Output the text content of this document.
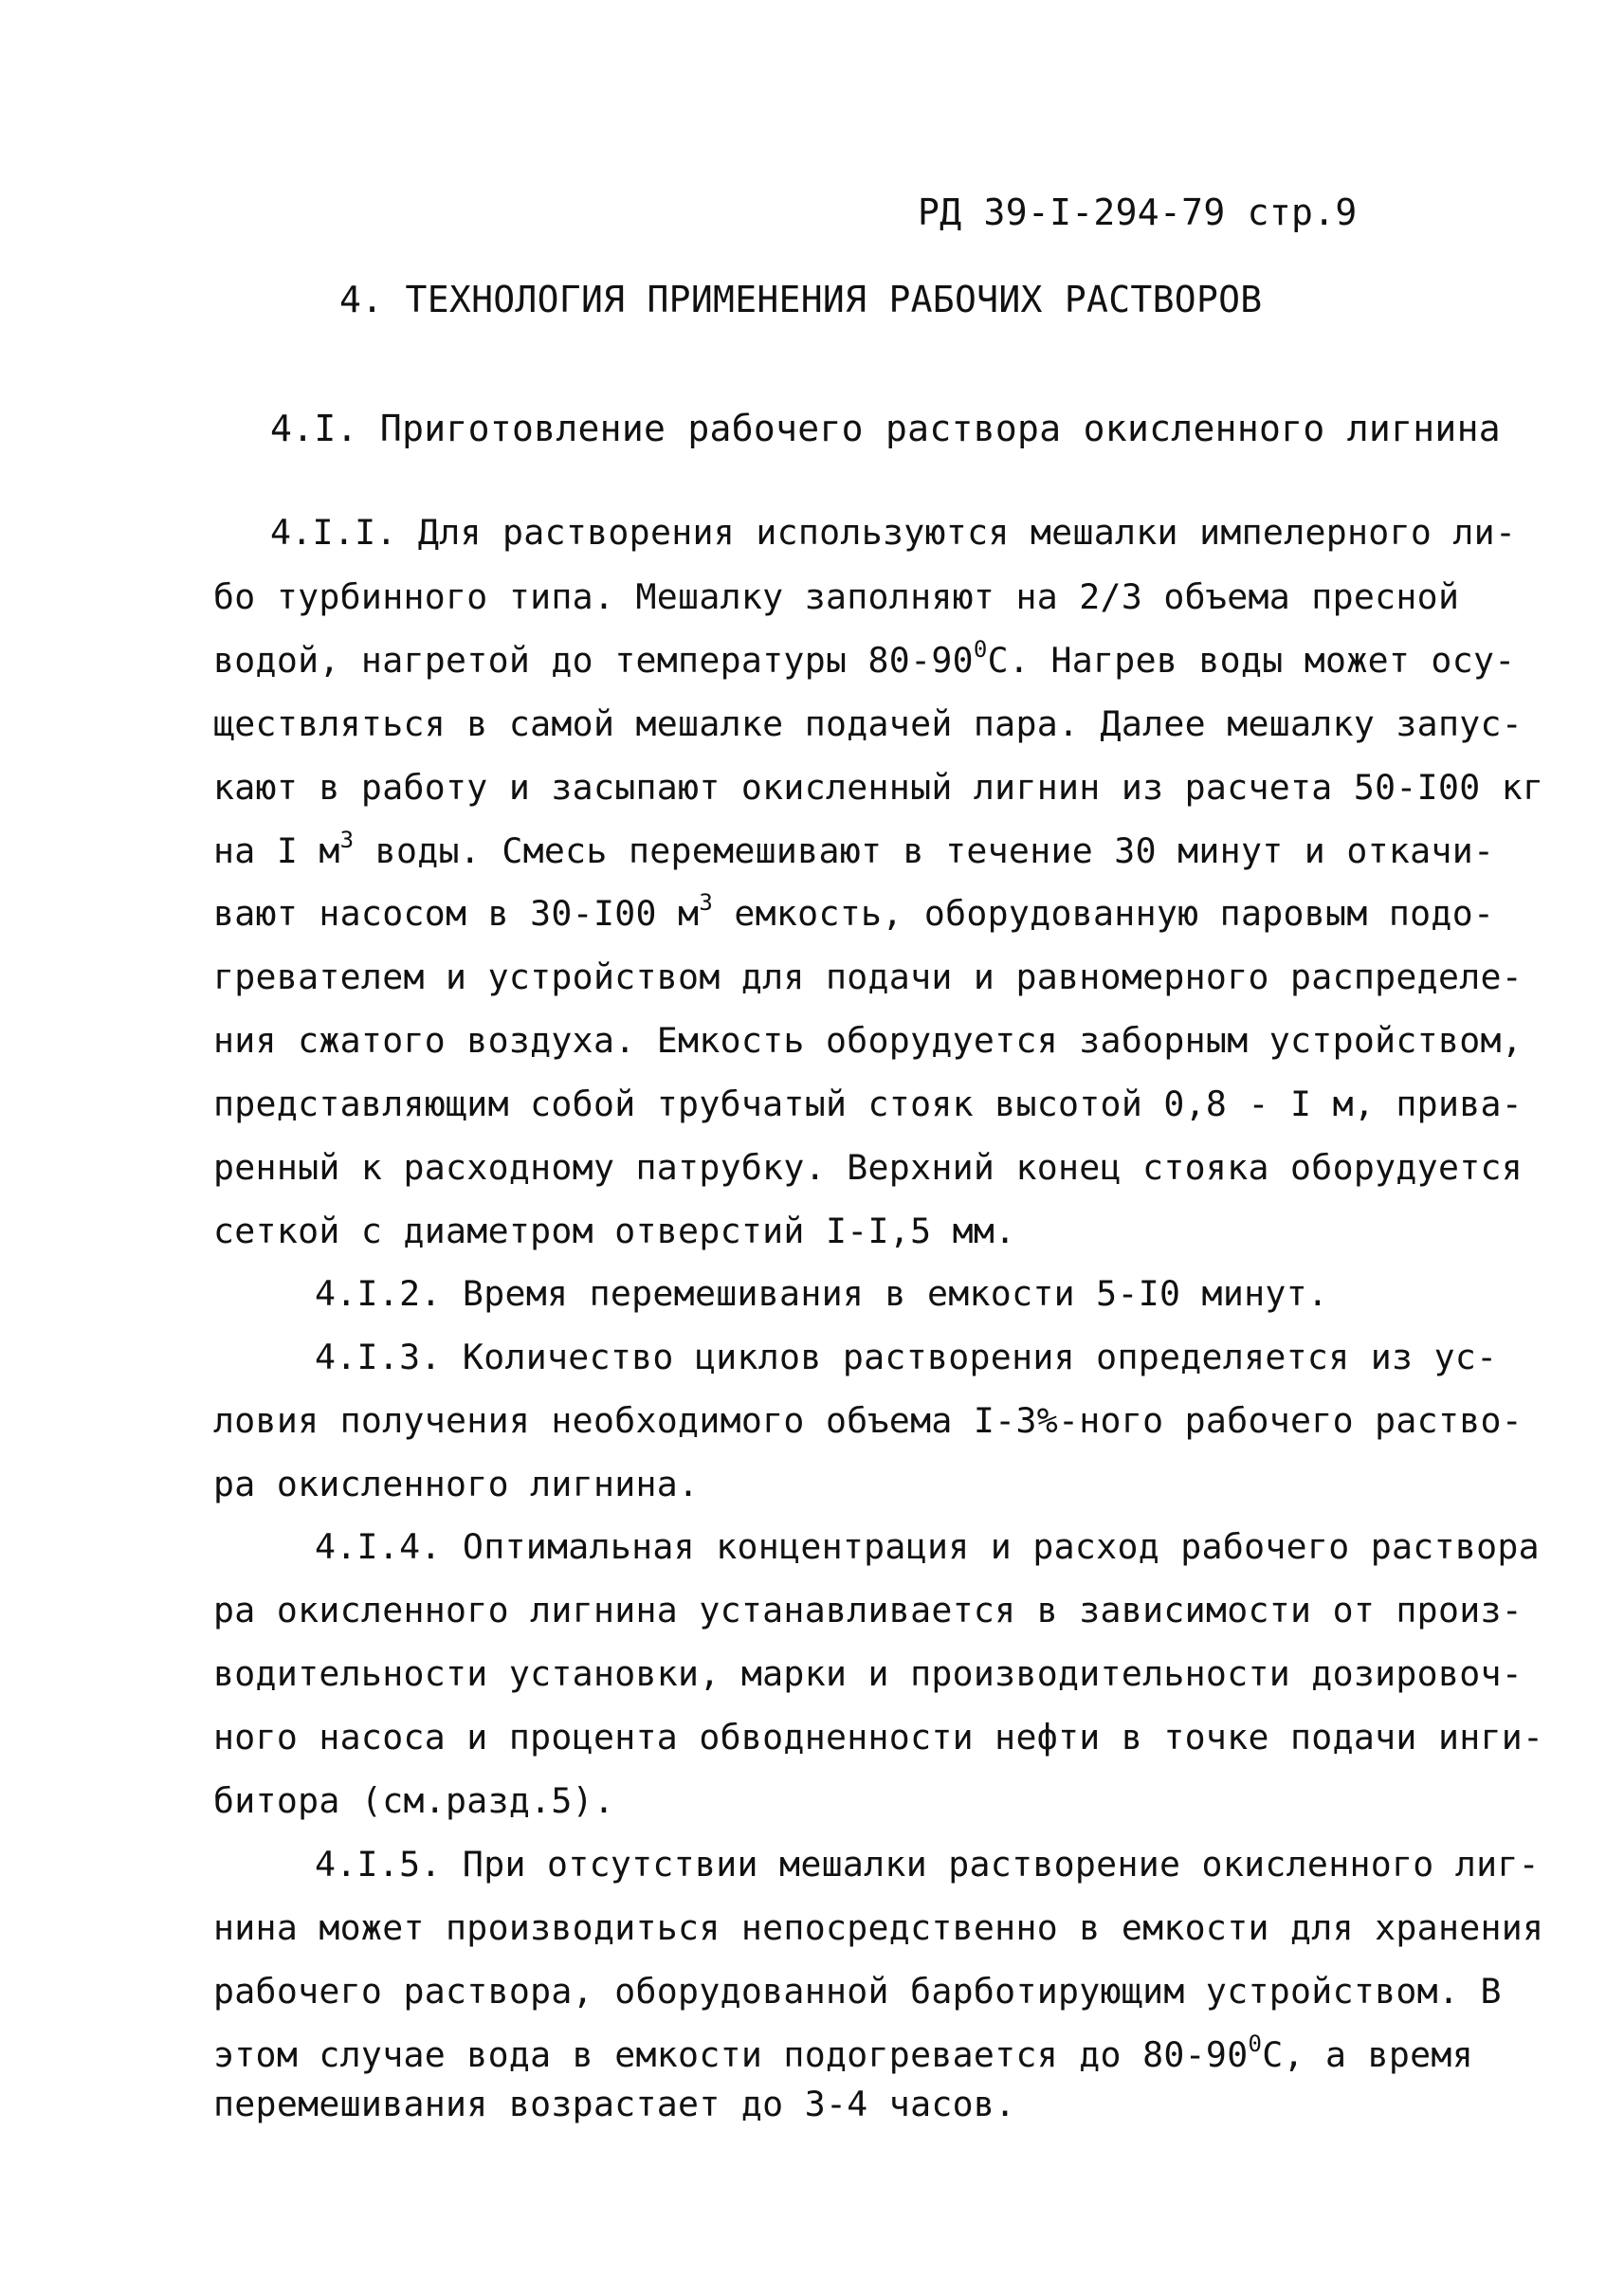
РД 39-I-294-79 стр.9
4. ТЕХНОЛОГИЯ ПРИМЕНЕНИЯ РАБОЧИХ РАСТВОРОВ
4.I. Приготовление рабочего раствора окисленного лигнина
4.I.I. Для растворения используются мешалки импелерного ли-
бо турбинного типа. Мешалку заполняют на 2/3 объема пресной
водой, нагретой до температуры $80-90^0С$. Нагрев воды может осу-
ществляться в самой мешалке подачей пара. Далее мешалку запус-
кают в работу и засыпают окисленный лигнин из расчета 50-I00 кг
на I $м^3$ воды. Смесь перемешивают в течение 30 минут и откачи-
вают насосом в 30-I00 $м^3$ емкость, оборудованную паровым подо-
гревателем и устройством для подачи и равномерного распределе-
ния сжатого воздуха. Емкость оборудуется заборным устройством,
представляющим собой трубчатый стояк высотой 0,8 - I м, прива-
ренный к расходному патрубку. Верхний конец стояка оборудуется
сеткой с диаметром отверстий I-I,5 мм.
4.I.2. Время перемешивания в емкости 5-I0 минут.
4.I.3. Количество циклов растворения определяется из ус-
ловия получения необходимого объема I-3%-ного рабочего раство-
ра окисленного лигнина.
4.I.4. Оптимальная концентрация и расход рабочего раствора
ра окисленного лигнина устанавливается в зависимости от произ-
водительности установки, марки и производительности дозировоч-
ного насоса и процента обводненности нефти в точке подачи инги-
битора (см.разд.5).
4.I.5. При отсутствии мешалки растворение окисленного лиг-
нина может производиться непосредственно в емкости для хранения
рабочего раствора, оборудованной барботирующим устройством. В
этом случае вода в емкости подогревается до $80-90^0С$, а время
перемешивания возрастает до 3-4 часов.
